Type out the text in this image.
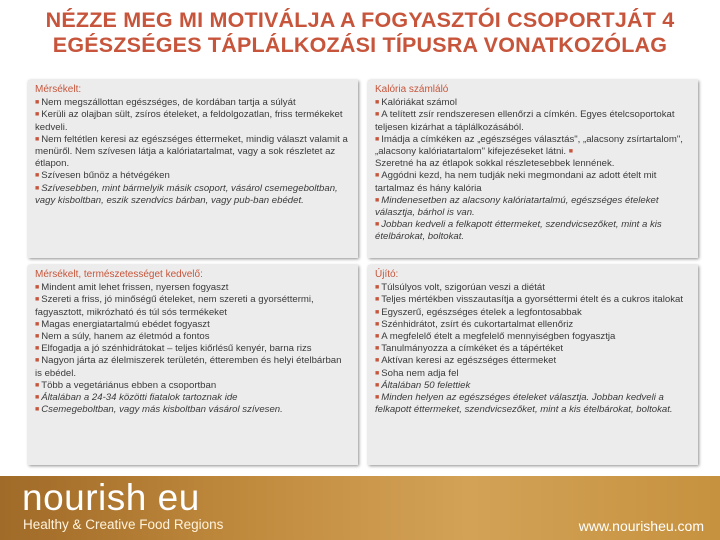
NÉZZE MEG MI MOTIVÁLJA A FOGYASZTÓI CSOPORTJÁT 4
EGÉSZSÉGES TÁPLÁLKOZÁSI TÍPUSRA VONATKOZÓLAG
Mérsékelt:
■ Nem megszállottan egészséges, de kordában tartja a súlyát
■ Kerüli az olajban sült, zsíros ételeket, a feldolgozatlan, friss termékeket kedveli.
■ Nem feltétlen keresi az egészséges éttermeket, mindig választ valamit a menüről. Nem szívesen látja a kalóriatartalmat, vagy a sok részletet az étlapon.
■ Szívesen bűnöz a hétvégéken
■ Szívesebben, mint bármelyik másik csoport, vásárol csemegeboltban, vagy kisboltban, eszik szendvics bárban, vagy pub-ban ebédet.
Kalória számláló
■ Kalóriákat számol
■ A telített zsír rendszeresen ellenőrzi a címkén. Egyes ételcsoportokat teljesen kizárhat a táplálkozásából.
■ Imádja a címkéken az „egészséges választás", „alacsony zsírtartalom", „alacsony kalóriatartalom" kifejezéseket látni. ■
Szeretné ha az étlapok sokkal részletesebbek lennének.
■ Aggódni kezd, ha nem tudják neki megmondani az adott ételt mit tartalmaz és hány kalória
■ Mindenesetben az alacsony kalóriatartalmú, egészséges ételeket választja, bárhol is van.
■ Jobban kedveli a felkapott éttermeket, szendvicsezőket, mint a kis ételbárokat, boltokat.
Mérsékelt, természetességet kedvelő:
■ Mindent amit lehet frissen, nyersen fogyaszt
■ Szereti a friss, jó minőségű ételeket, nem szereti a gyorséttermi, fagyasztott, mikrózható és túl sós termékeket
■ Magas energiatartalmú ebédet fogyaszt
■ Nem a súly, hanem az életmód a fontos
■ Elfogadja a jó szénhidrátokat – teljes kiőrlésű kenyér, barna rizs
■ Nagyon járta az élelmiszerek területén, étteremben és helyi ételbárban is ebédel.
■ Több a vegetáriánus ebben a csoportban
■ Általában a 24-34 közötti fiatalok tartoznak ide
■ Csemegeboltban, vagy más kisboltban vásárol szívesen.
Újító:
■ Túlsúlyos volt, szigorúan veszi a diétát
■ Teljes mértékben visszautasítja a gyorséttermi ételt és a cukros italokat
■ Egyszerű, egészséges ételek a legfontosabbak
■ Szénhidrátot, zsírt és cukortartalmat ellenőriz
■ A megfelelő ételt a megfelelő mennyiségben fogyasztja
■ Tanulmányozza a címkéket és a tápértéket
■ Aktívan keresi az egészséges éttermeket
■ Soha nem adja fel
■ Általában 50 felettiek
■ Minden helyen az egészséges ételeket választja. Jobban kedveli a felkapott éttermeket, szendvicsezőket, mint a kis ételbárokat, boltokat.
nourish eu
Healthy & Creative Food Regions	www.nourisheu.com
